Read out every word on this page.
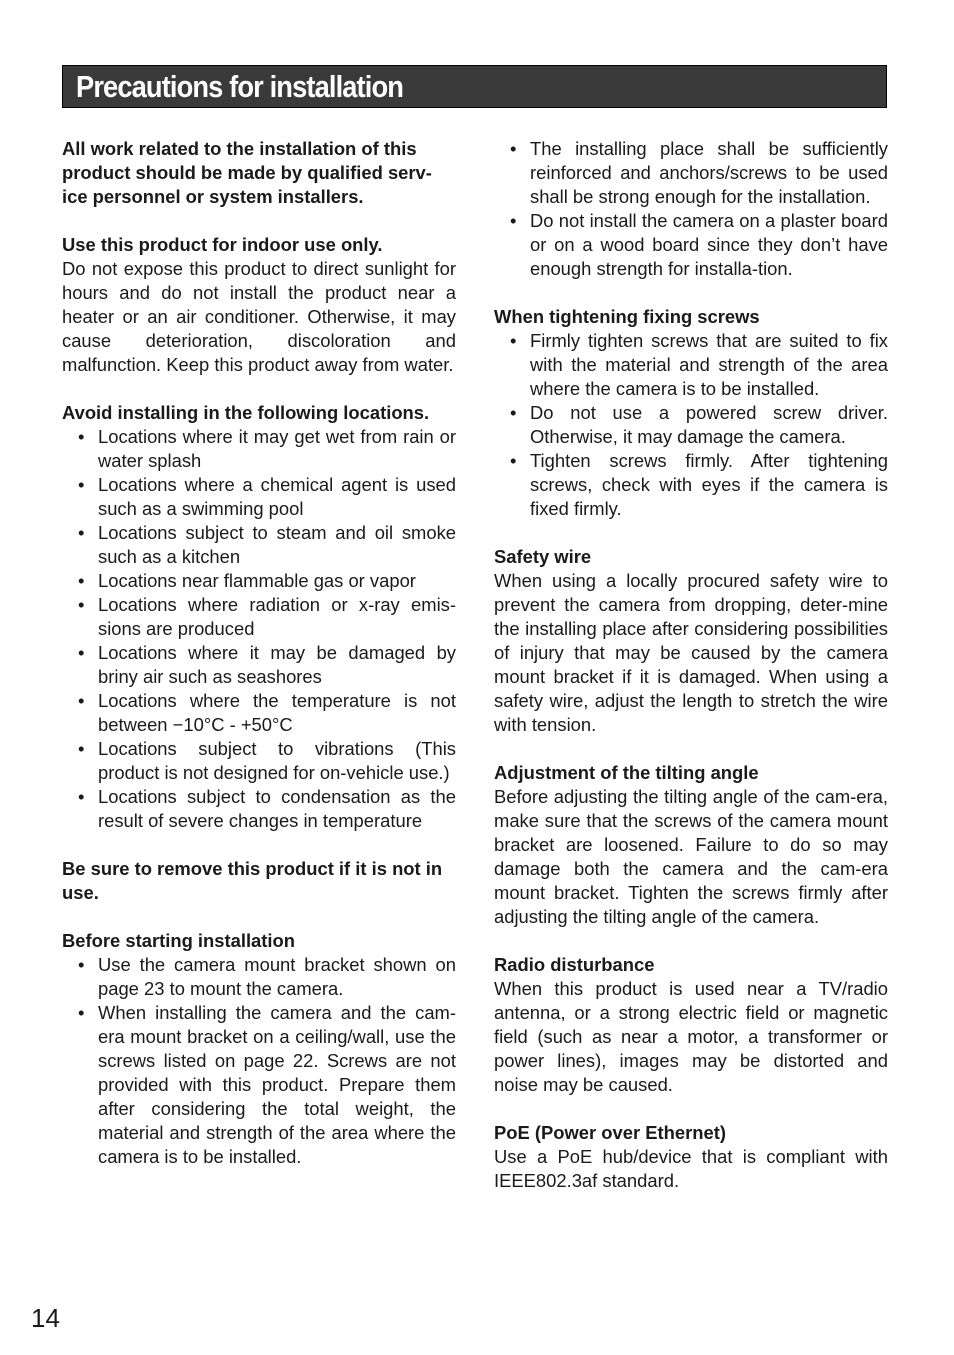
Precautions for installation
All work related to the installation of this product should be made by qualified serv-ice personnel or system installers.
Use this product for indoor use only.

Do not expose this product to direct sunlight for hours and do not install the product near a heater or an air conditioner. Otherwise, it may cause deterioration, discoloration and malfunction. Keep this product away from water.

Avoid installing in the following locations.
• Locations where it may get wet from rain or water splash
• Locations where a chemical agent is used such as a swimming pool
• Locations subject to steam and oil smoke such as a kitchen
• Locations near flammable gas or vapor
• Locations where radiation or x-ray emis-sions are produced
• Locations where it may be damaged by briny air such as seashores
• Locations where the temperature is not between −10°C - +50°C
• Locations subject to vibrations (This product is not designed for on-vehicle use.)
• Locations subject to condensation as the result of severe changes in temperature
Be sure to remove this product if it is not in use.
Before starting installation
• Use the camera mount bracket shown on page 23 to mount the camera.
• When installing the camera and the cam-era mount bracket on a ceiling/wall, use the screws listed on page 22. Screws are not provided with this product. Prepare them after considering the total weight, the material and strength of the area where the camera is to be installed.
• The installing place shall be sufficiently reinforced and anchors/screws to be used shall be strong enough for the installation.
• Do not install the camera on a plaster board or on a wood board since they don’t have enough strength for installa-tion.
When tightening fixing screws
• Firmly tighten screws that are suited to fix with the material and strength of the area where the camera is to be installed.
• Do not use a powered screw driver. Otherwise, it may damage the camera.
• Tighten screws firmly. After tightening screws, check with eyes if the camera is fixed firmly.
Safety wire

When using a locally procured safety wire to prevent the camera from dropping, deter-mine the installing place after considering possibilities of injury that may be caused by the camera mount bracket if it is damaged. When using a safety wire, adjust the length to stretch the wire with tension.

Adjustment of the tilting angle

Before adjusting the tilting angle of the cam-era, make sure that the screws of the camera mount bracket are loosened. Failure to do so may damage both the camera and the cam-era mount bracket. Tighten the screws firmly after adjusting the tilting angle of the camera.

Radio disturbance

When this product is used near a TV/radio antenna, or a strong electric field or magnetic field (such as near a motor, a transformer or power lines), images may be distorted and noise may be caused.

PoE (Power over Ethernet)

Use a PoE hub/device that is compliant with IEEE802.3af standard.

14
